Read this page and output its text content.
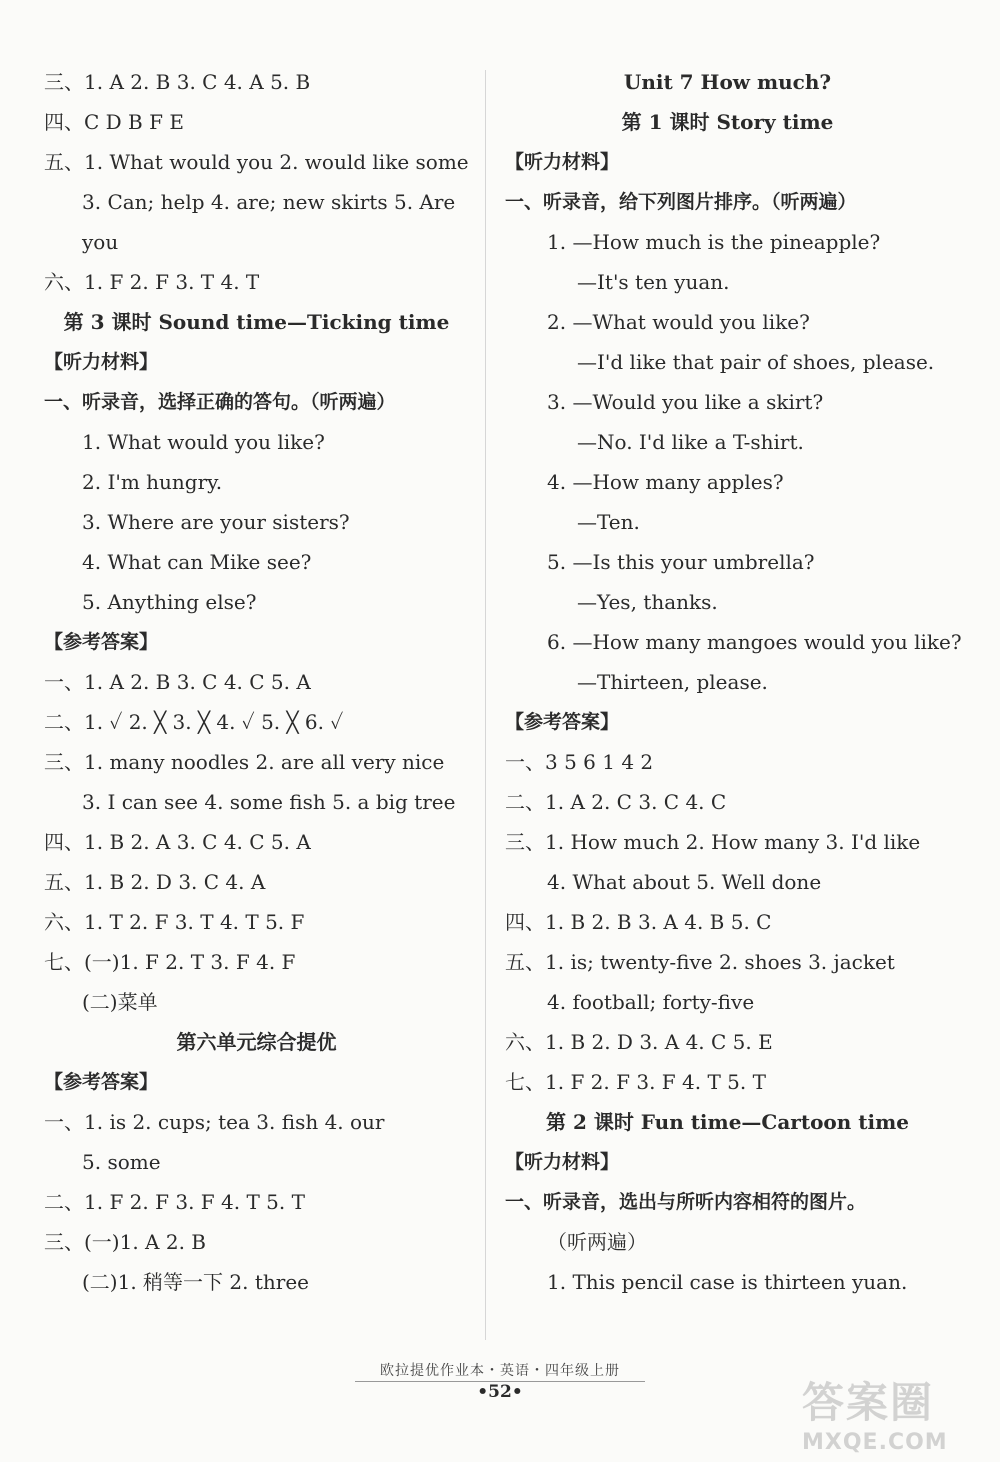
三、1. A 2. B 3. C 4. A 5. B
四、C D B F E
五、1. What would you 2. would like some
3. Can; help 4. are; new skirts 5. Are
you
六、1. F 2. F 3. T 4. T
第 3 课时 Sound time—Ticking time
【听力材料】
一、听录音，选择正确的答句。（听两遍）
1. What would you like?
2. I'm hungry.
3. Where are your sisters?
4. What can Mike see?
5. Anything else?
【参考答案】
一、1. A 2. B 3. C 4. C 5. A
二、1. ✓ 2. ╳ 3. ╳ 4. ✓ 5. ╳ 6. ✓
三、1. many noodles 2. are all very nice
3. I can see 4. some fish 5. a big tree
四、1. B 2. A 3. C 4. C 5. A
五、1. B 2. D 3. C 4. A
六、1. T 2. F 3. T 4. T 5. F
七、(一)1. F 2. T 3. F 4. F
(二)菜单
第六单元综合提优
【参考答案】
一、1. is 2. cups; tea 3. fish 4. our
5. some
二、1. F 2. F 3. F 4. T 5. T
三、(一)1. A 2. B
(二)1. 稍等一下 2. three
Unit 7 How much?
第 1 课时 Story time
【听力材料】
一、听录音，给下列图片排序。（听两遍）
1. —How much is the pineapple?
—It's ten yuan.
2. —What would you like?
—I'd like that pair of shoes, please.
3. —Would you like a skirt?
—No. I'd like a T-shirt.
4. —How many apples?
—Ten.
5. —Is this your umbrella?
—Yes, thanks.
6. —How many mangoes would you like?
—Thirteen, please.
【参考答案】
一、3 5 6 1 4 2
二、1. A 2. C 3. C 4. C
三、1. How much 2. How many 3. I'd like
4. What about 5. Well done
四、1. B 2. B 3. A 4. B 5. C
五、1. is; twenty-five 2. shoes 3. jacket
4. football; forty-five
六、1. B 2. D 3. A 4. C 5. E
七、1. F 2. F 3. F 4. T 5. T
第 2 课时 Fun time—Cartoon time
【听力材料】
一、听录音，选出与所听内容相符的图片。
（听两遍）
1. This pencil case is thirteen yuan.
欧拉提优作业本・英语・四年级上册
•52•	答案圈
MXQE.COM
